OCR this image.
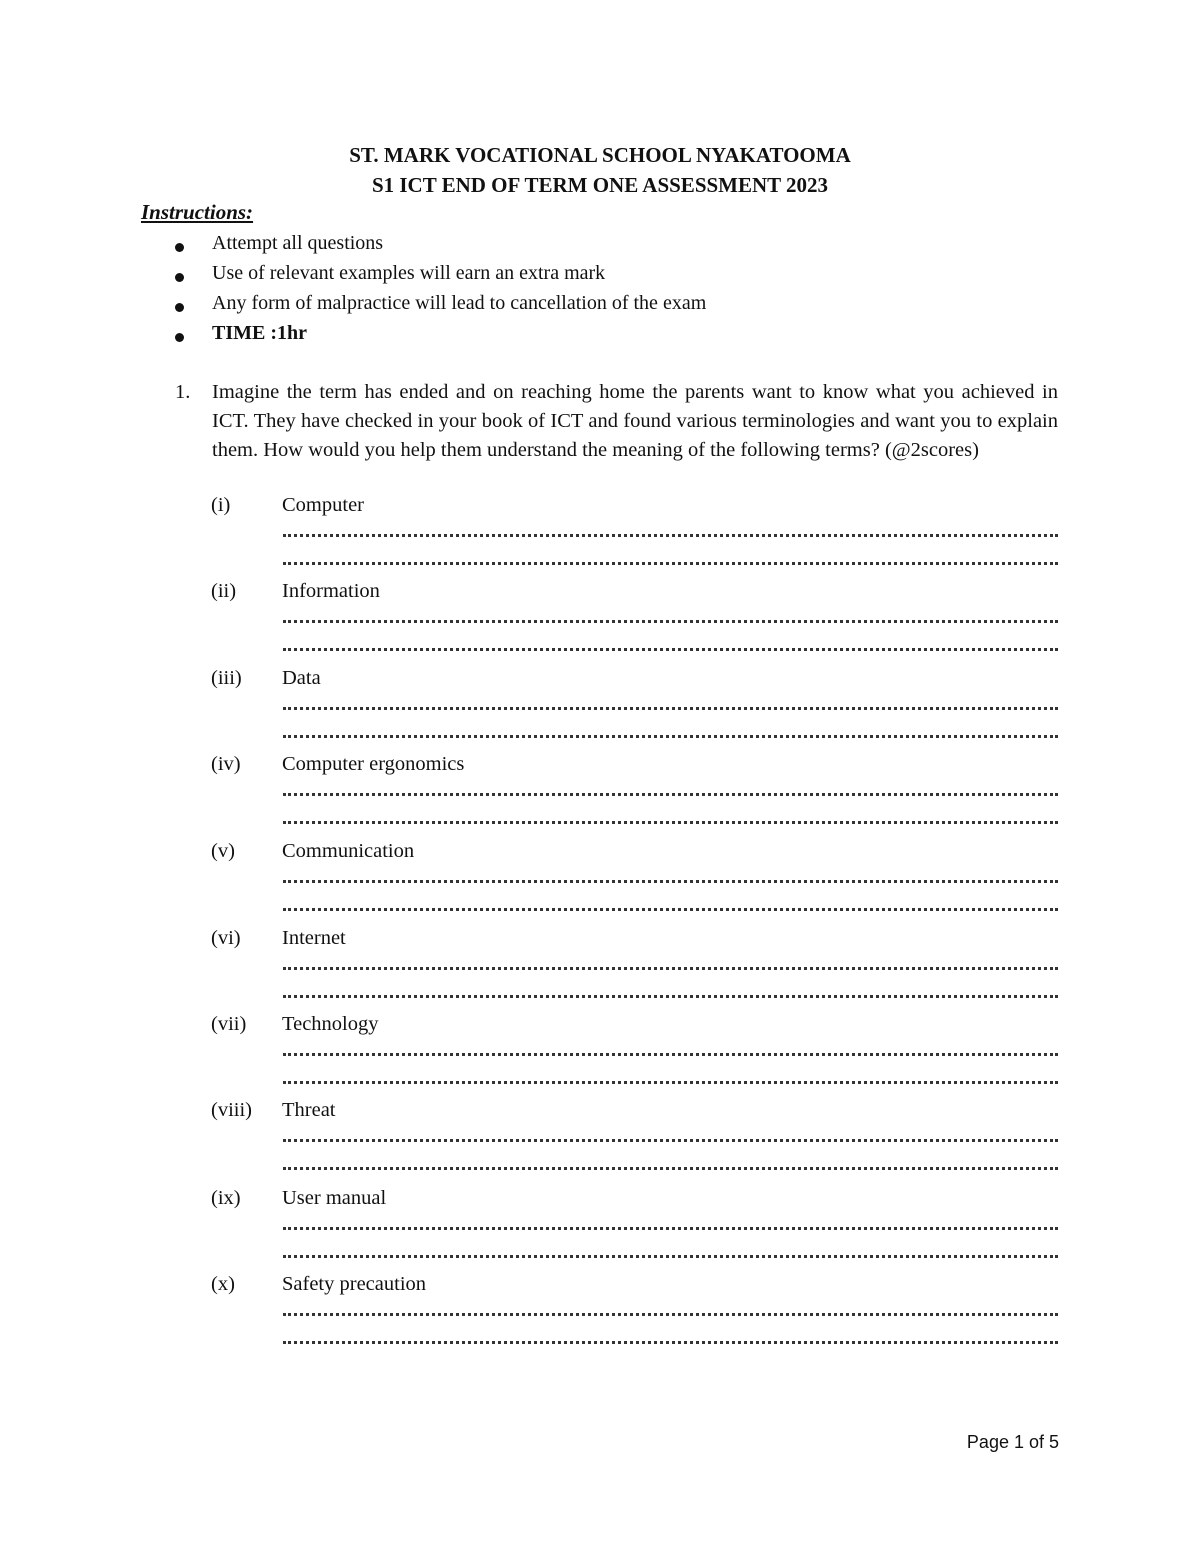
ST. MARK VOCATIONAL SCHOOL NYAKATOOMA
S1 ICT END OF TERM ONE ASSESSMENT 2023
Instructions:
Attempt all questions
Use of relevant examples will earn an extra mark
Any form of malpractice will lead to cancellation of the exam
TIME :1hr
1. Imagine the term has ended and on reaching home the parents want to know what you achieved in ICT. They have checked in your book of ICT and found various terminologies and want you to explain them. How would you help them understand the meaning of the following terms? (@2scores)
(i)	Computer
(ii) Information
(iii) Data
(iv) Computer ergonomics
(v) Communication
(vi) Internet
(vii) Technology
(viii) Threat
(ix) User manual
(x) Safety precaution
Page 1 of 5
